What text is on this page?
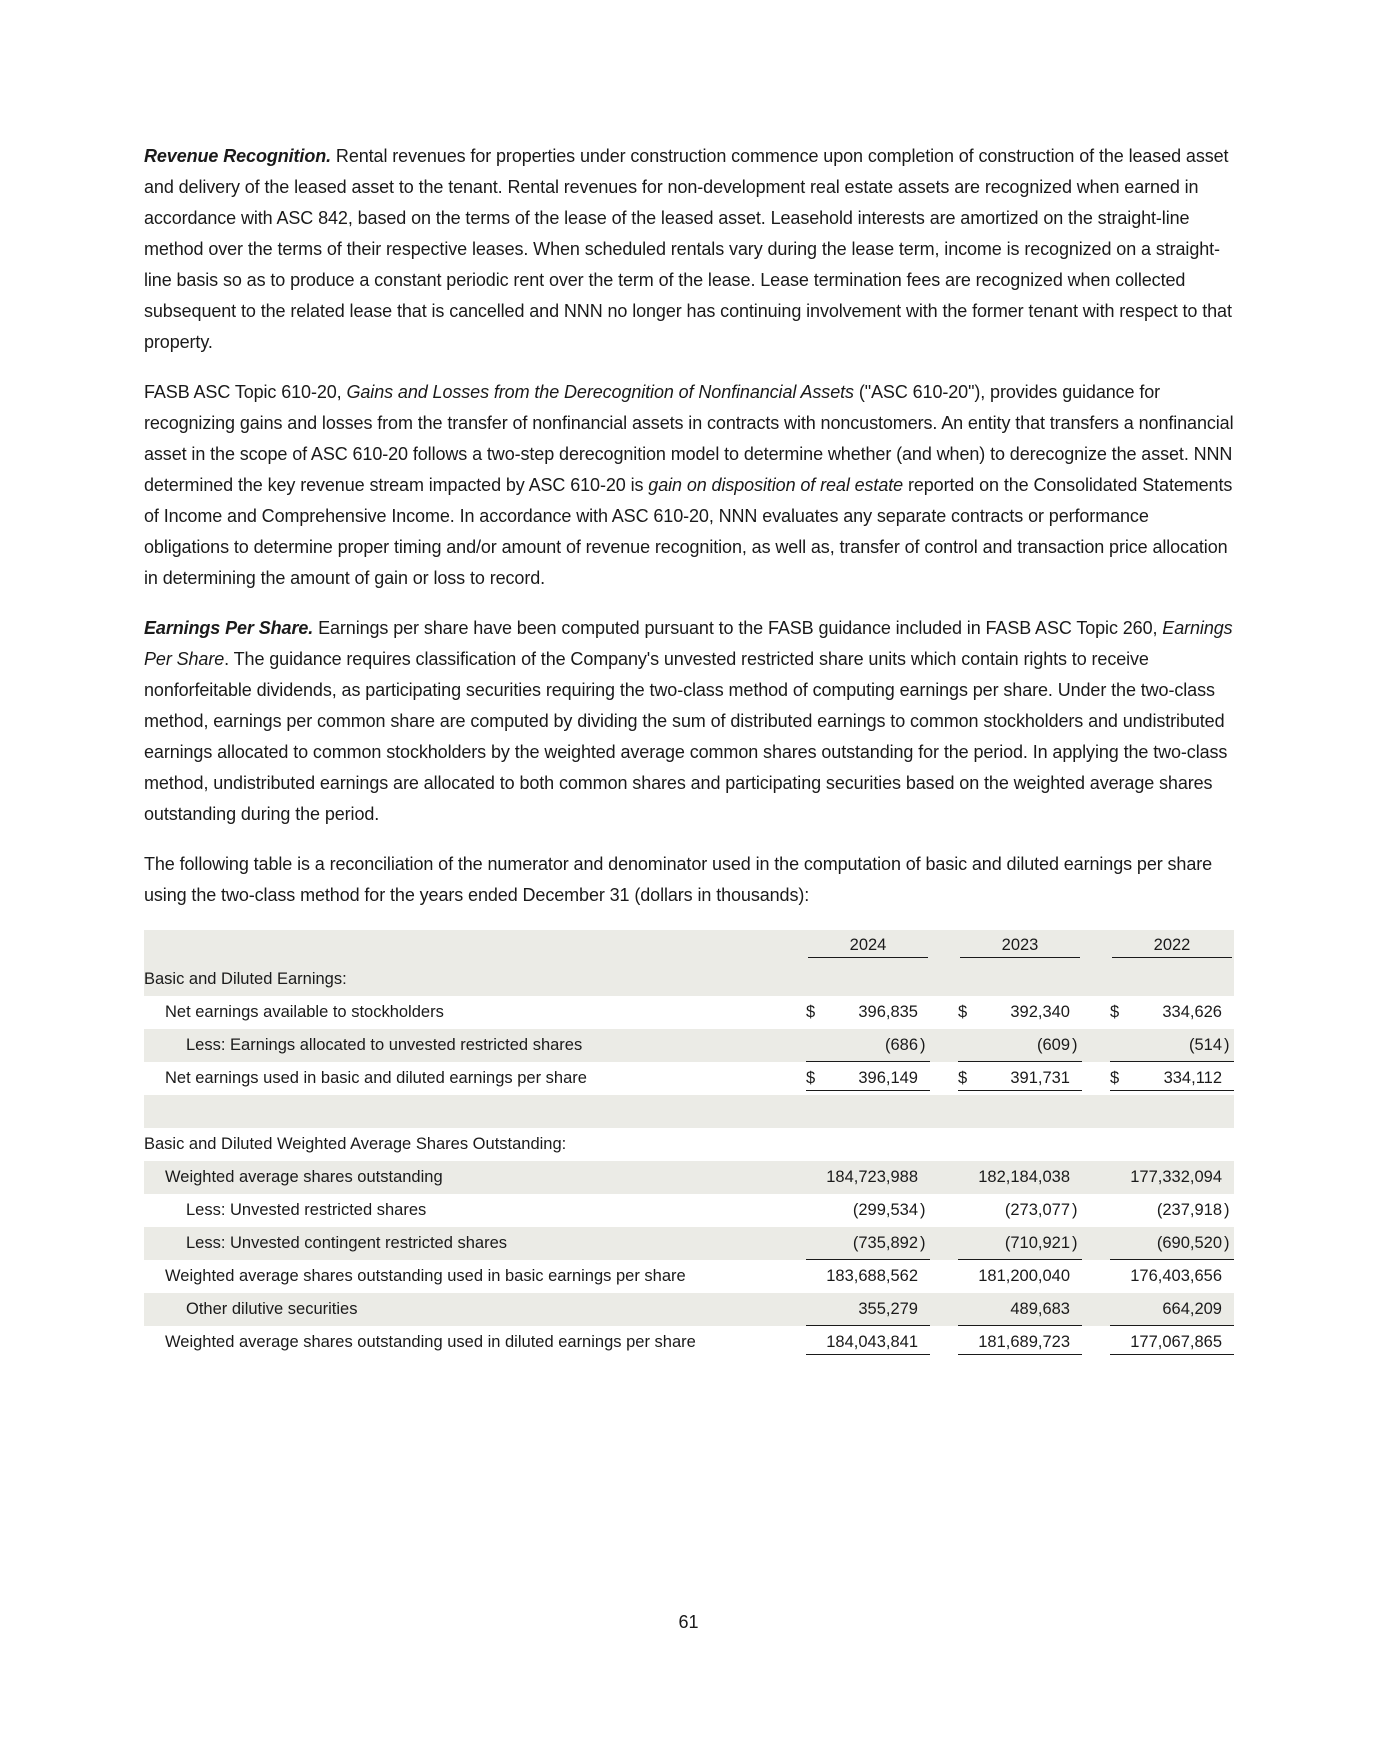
Revenue Recognition. Rental revenues for properties under construction commence upon completion of construction of the leased asset and delivery of the leased asset to the tenant. Rental revenues for non-development real estate assets are recognized when earned in accordance with ASC 842, based on the terms of the lease of the leased asset. Leasehold interests are amortized on the straight-line method over the terms of their respective leases. When scheduled rentals vary during the lease term, income is recognized on a straight-line basis so as to produce a constant periodic rent over the term of the lease. Lease termination fees are recognized when collected subsequent to the related lease that is cancelled and NNN no longer has continuing involvement with the former tenant with respect to that property.

FASB ASC Topic 610-20, Gains and Losses from the Derecognition of Nonfinancial Assets ("ASC 610-20"), provides guidance for recognizing gains and losses from the transfer of nonfinancial assets in contracts with noncustomers. An entity that transfers a nonfinancial asset in the scope of ASC 610-20 follows a two-step derecognition model to determine whether (and when) to derecognize the asset. NNN determined the key revenue stream impacted by ASC 610-20 is gain on disposition of real estate reported on the Consolidated Statements of Income and Comprehensive Income. In accordance with ASC 610-20, NNN evaluates any separate contracts or performance obligations to determine proper timing and/or amount of revenue recognition, as well as, transfer of control and transaction price allocation in determining the amount of gain or loss to record.

Earnings Per Share. Earnings per share have been computed pursuant to the FASB guidance included in FASB ASC Topic 260, Earnings Per Share. The guidance requires classification of the Company's unvested restricted share units which contain rights to receive nonforfeitable dividends, as participating securities requiring the two-class method of computing earnings per share. Under the two-class method, earnings per common share are computed by dividing the sum of distributed earnings to common stockholders and undistributed earnings allocated to common stockholders by the weighted average common shares outstanding for the period. In applying the two-class method, undistributed earnings are allocated to both common shares and participating securities based on the weighted average shares outstanding during the period.

The following table is a reconciliation of the numerator and denominator used in the computation of basic and diluted earnings per share using the two-class method for the years ended December 31 (dollars in thousands):

		2024				2023				2022		
Basic and Diluted Earnings:												
Net earnings available to stockholders		$	396,835			$	392,340			$	334,626	
Less: Earnings allocated to unvested restricted shares			(686	)			(609	)			(514	)
Net earnings used in basic and diluted earnings per share		$	396,149			$	391,731			$	334,112	

Basic and Diluted Weighted Average Shares Outstanding:												
Weighted average shares outstanding			184,723,988				182,184,038				177,332,094	
Less: Unvested restricted shares			(299,534	)			(273,077	)			(237,918	)
Less: Unvested contingent restricted shares			(735,892	)			(710,921	)			(690,520	)
Weighted average shares outstanding used in basic earnings per share			183,688,562				181,200,040				176,403,656	
Other dilutive securities			355,279				489,683				664,209	
Weighted average shares outstanding used in diluted earnings per share			184,043,841				181,689,723				177,067,865	
61
